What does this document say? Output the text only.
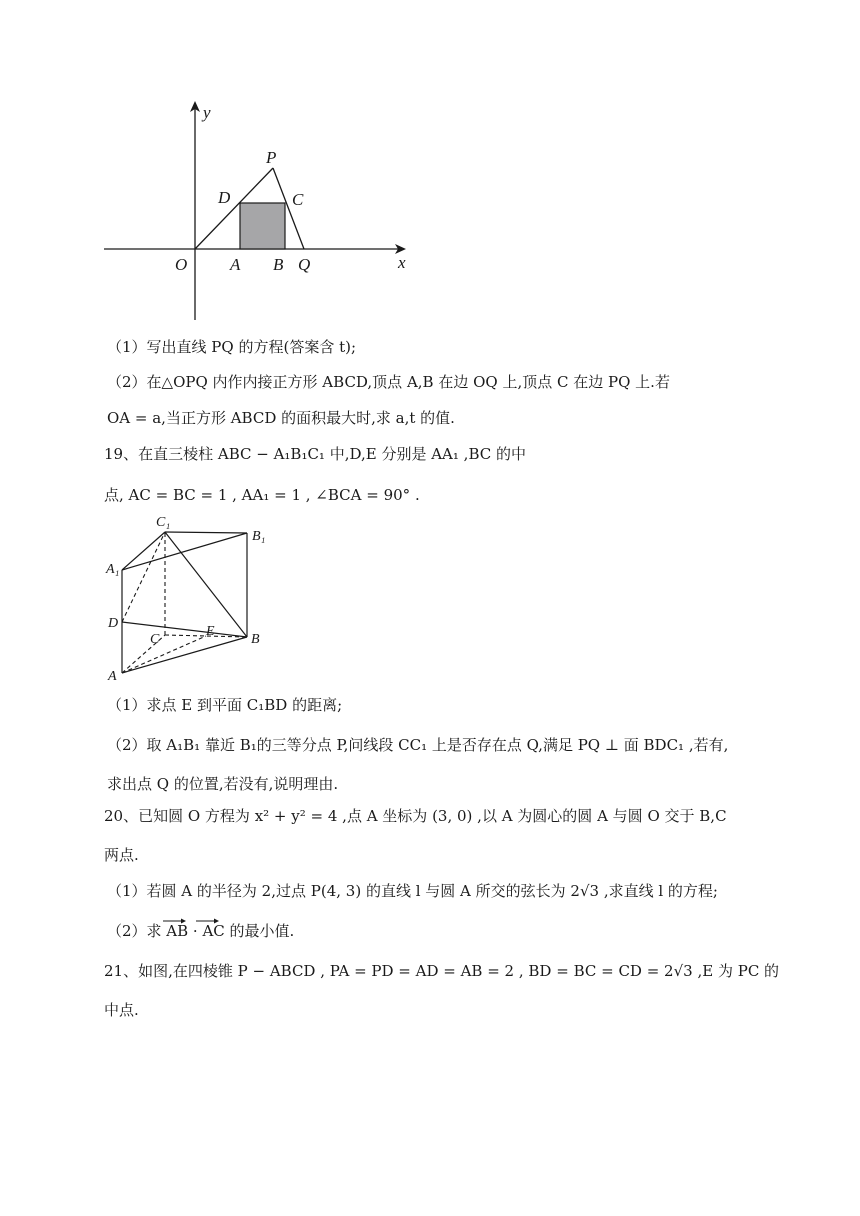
y
x
O
P
D	C
A B Q
（1）写出直线 PQ 的方程(答案含 t);
（2）在△OPQ 内作内接正方形 ABCD,顶点 A,B 在边 OQ 上,顶点 C 在边 PQ 上.若
OA = a,当正方形 ABCD 的面积最大时,求 a,t 的值.
19、在直三棱柱 ABC − A₁B₁C₁ 中,D,E 分别是 AA₁ ,BC 的中
点, AC = BC = 1 , AA₁ = 1 , ∠BCA = 90° .
C₁
B₁
A₁
D
C
E
B
A
（1）求点 E 到平面 C₁BD 的距离;
（2）取 A₁B₁ 靠近 B₁的三等分点 P,问线段 CC₁ 上是否存在点 Q,满足 PQ ⊥ 面 BDC₁ ,若有,
求出点 Q 的位置,若没有,说明理由.
20、已知圆 O 方程为 x² + y² = 4 ,点 A 坐标为 (3, 0) ,以 A 为圆心的圆 A 与圆 O 交于 B,C
两点.
（1）若圆 A 的半径为 2,过点 P(4, 3) 的直线 l 与圆 A 所交的弦长为 2√3 ,求直线 l 的方程;
（2）求 AB · AC 的最小值.
21、如图,在四棱锥 P − ABCD , PA = PD = AD = AB = 2 , BD = BC = CD = 2√3 ,E 为 PC 的
中点.
